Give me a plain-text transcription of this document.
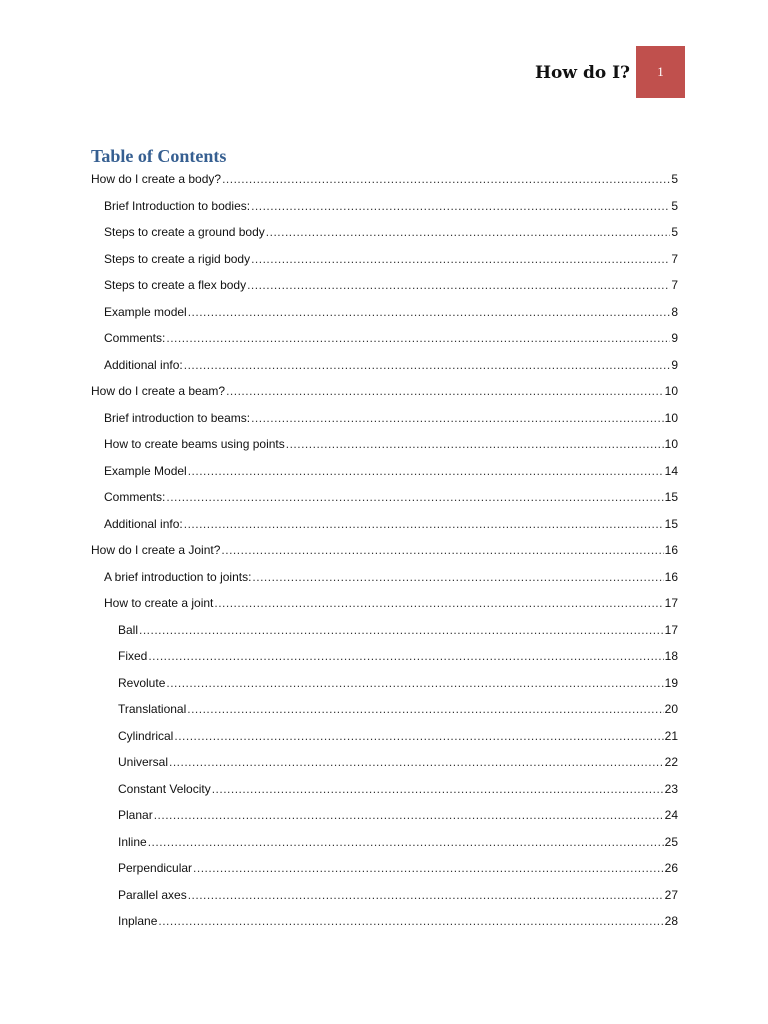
How do I? 1
Table of Contents
How do I create a body? .....	5
Brief Introduction to bodies: .....	5
Steps to create a ground body .....	5
Steps to create a rigid body .....	7
Steps to create a flex body .....	7
Example model .....	8
Comments: .....	9
Additional info: .....	9
How do I create a beam? .....	10
Brief introduction to beams: .....	10
How to create beams using points .....	10
Example Model .....	14
Comments: .....	15
Additional info: .....	15
How do I create a Joint? .....	16
A brief introduction to joints: .....	16
How to create a joint .....	17
Ball .....	17
Fixed .....	18
Revolute .....	19
Translational .....	20
Cylindrical .....	21
Universal .....	22
Constant Velocity .....	23
Planar .....	24
Inline .....	25
Perpendicular .....	26
Parallel axes .....	27
Inplane .....	28
